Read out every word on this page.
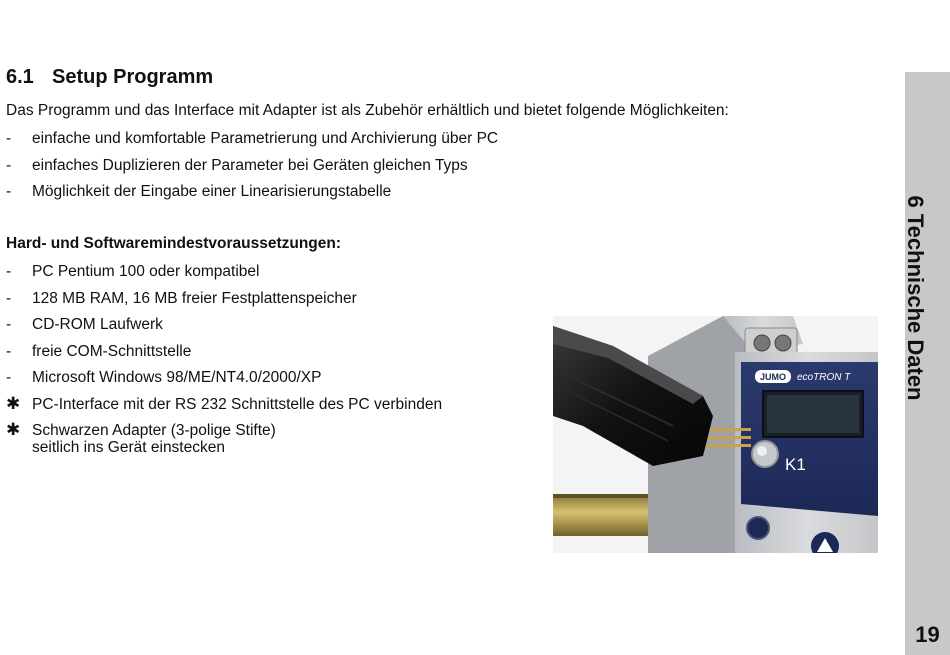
6.1 Setup Programm
Das Programm und das Interface mit Adapter ist als Zubehör erhältlich und bietet folgende Möglichkeiten:
-	einfache und komfortable Parametrierung und Archivierung über PC
-	einfaches Duplizieren der Parameter bei Geräten gleichen Typs
-	Möglichkeit der Eingabe einer Linearisierungstabelle
Hard- und Softwaremindestvoraussetzungen:
-	PC Pentium 100 oder kompatibel
-	128 MB RAM, 16 MB freier Festplattenspeicher
-	CD-ROM Laufwerk
-	freie COM-Schnittstelle
-	Microsoft Windows 98/ME/NT4.0/2000/XP
✱ PC-Interface mit der RS 232 Schnittstelle des PC verbinden
✱ Schwarzen Adapter (3-polige Stifte)
seitlich ins Gerät einstecken
JUMO ecoTRON T
K1
6 Technische Daten
19
